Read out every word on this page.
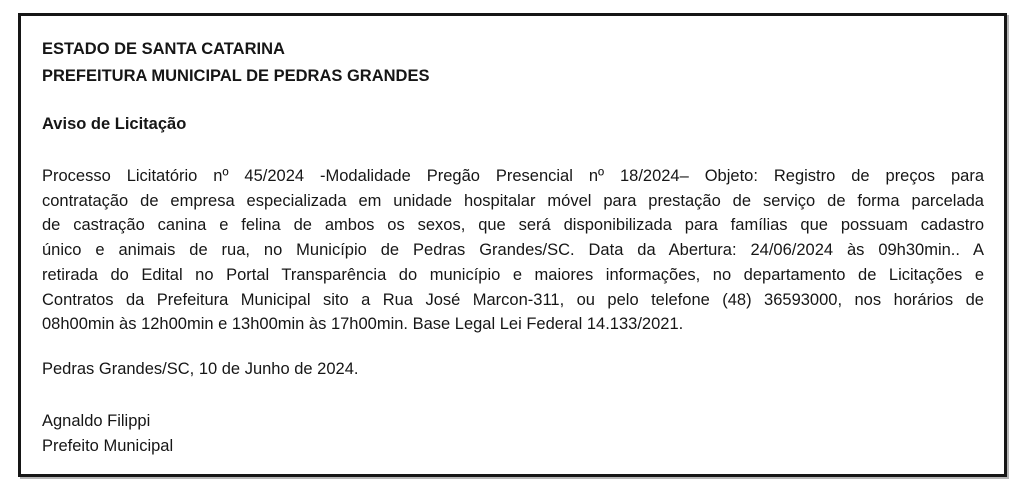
ESTADO DE SANTA CATARINA
PREFEITURA MUNICIPAL DE PEDRAS GRANDES
Aviso de Licitação
Processo Licitatório nº 45/2024 -Modalidade Pregão Presencial nº 18/2024– Objeto: Registro de preços para
contratação de empresa especializada em unidade hospitalar móvel para prestação de serviço de forma parcelada
de castração canina e felina de ambos os sexos, que será disponibilizada para famílias que possuam cadastro
único e animais de rua, no Município de Pedras Grandes/SC. Data da Abertura: 24/06/2024 às 09h30min.. A
retirada do Edital no Portal Transparência do município e maiores informações, no departamento de Licitações e
Contratos da Prefeitura Municipal sito a Rua José Marcon-311, ou pelo telefone (48) 36593000, nos horários de
08h00min às 12h00min e 13h00min às 17h00min. Base Legal Lei Federal 14.133/2021.
Pedras Grandes/SC, 10 de Junho de 2024.
Agnaldo Filippi
Prefeito Municipal
